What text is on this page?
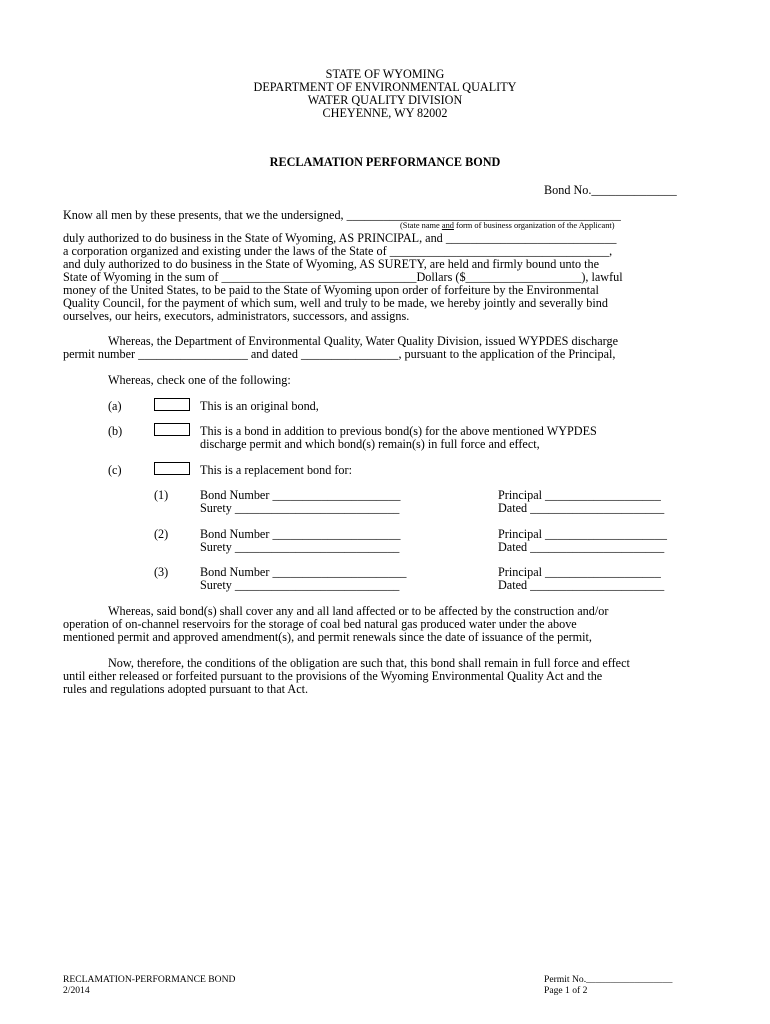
STATE OF WYOMING
DEPARTMENT OF ENVIRONMENTAL QUALITY
WATER QUALITY DIVISION
CHEYENNE, WY 82002
RECLAMATION PERFORMANCE BOND
Bond No.______________
Know all men by these presents, that we the undersigned, _____________________________________________
(State name and form of business organization of the Applicant)
duly authorized to do business in the State of Wyoming, AS PRINCIPAL, and ____________________________
a corporation organized and existing under the laws of the State of ____________________________________,
and duly authorized to do business in the State of Wyoming, AS SURETY, are held and firmly bound unto the
State of Wyoming in the sum of ________________________________Dollars ($___________________), lawful
money of the United States, to be paid to the State of Wyoming upon order of forfeiture by the Environmental
Quality Council, for the payment of which sum, well and truly to be made, we hereby jointly and severally bind
ourselves, our heirs, executors, administrators, successors, and assigns.
Whereas, the Department of Environmental Quality, Water Quality Division, issued WYPDES discharge
permit number __________________ and dated ________________, pursuant to the application of the Principal,
Whereas, check one of the following:
(a)	This is an original bond,
(b)	This is a bond in addition to previous bond(s) for the above mentioned WYPDES
discharge permit and which bond(s) remain(s) in full force and effect,
(c)	This is a replacement bond for:
(1)	Bond Number _____________________	Principal ___________________
Surety ___________________________	Dated ______________________
(2)	Bond Number _____________________	Principal ____________________
Surety ___________________________	Dated ______________________
(3)	Bond Number ______________________	Principal ___________________
Surety ___________________________	Dated ______________________
Whereas, said bond(s) shall cover any and all land affected or to be affected by the construction and/or
operation of on-channel reservoirs for the storage of coal bed natural gas produced water under the above
mentioned permit and approved amendment(s), and permit renewals since the date of issuance of the permit,
Now, therefore, the conditions of the obligation are such that, this bond shall remain in full force and effect
until either released or forfeited pursuant to the provisions of the Wyoming Environmental Quality Act and the
rules and regulations adopted pursuant to that Act.
RECLAMATION-PERFORMANCE BOND
2/2014
Permit No.__________________
Page 1 of 2
